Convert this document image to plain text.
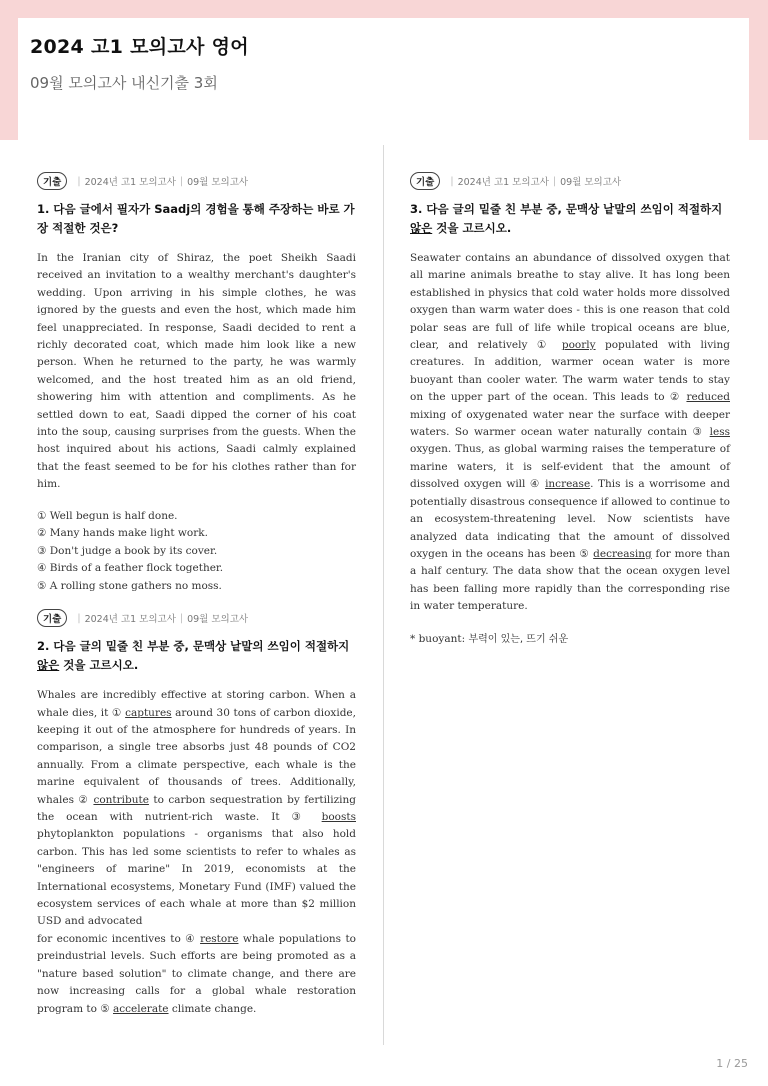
2024 고1 모의고사 영어
09월 모의고사 내신기출 3회
기출	| 2024년 고1 모의고사 | 09월 모의고사
1. 다음 글에서 필자가 Saadj의 경험을 통해 주장하는 바로 가장 적절한 것은?
In the Iranian city of Shiraz, the poet Sheikh Saadi received an invitation to a wealthy merchant's daughter's wedding. Upon arriving in his simple clothes, he was ignored by the guests and even the host, which made him feel unappreciated. In response, Saadi decided to rent a richly decorated coat, which made him look like a new person. When he returned to the party, he was warmly welcomed, and the host treated him as an old friend, showering him with attention and compliments. As he settled down to eat, Saadi dipped the corner of his coat into the soup, causing surprises from the guests. When the host inquired about his actions, Saadi calmly explained that the feast seemed to be for his clothes rather than for him.
① Well begun is half done.
② Many hands make light work.
③ Don't judge a book by its cover.
④ Birds of a feather flock together.
⑤ A rolling stone gathers no moss.
기출	| 2024년 고1 모의고사 | 09월 모의고사
2. 다음 글의 밑줄 친 부분 중, 문맥상 낱말의 쓰임이 적절하지 않은 것을 고르시오.
Whales are incredibly effective at storing carbon. When a whale dies, it ① captures around 30 tons of carbon dioxide, keeping it out of the atmosphere for hundreds of years. In comparison, a single tree absorbs just 48 pounds of CO2 annually. From a climate perspective, each whale is the marine equivalent of thousands of trees. Additionally, whales ② contribute to carbon sequestration by fertilizing the ocean with nutrient-rich waste. It ③ boosts phytoplankton populations - organisms that also hold carbon. This has led some scientists to refer to whales as "engineers of marine" In 2019, economists at the International ecosystems, Monetary Fund (IMF) valued the ecosystem services of each whale at more than $2 million USD and advocated
for economic incentives to ④ restore whale populations to preindustrial levels. Such efforts are being promoted as a "nature based solution" to climate change, and there are now increasing calls for a global whale restoration program to ⑤ accelerate climate change.
기출	| 2024년 고1 모의고사 | 09월 모의고사
3. 다음 글의 밑줄 친 부분 중, 문맥상 낱말의 쓰임이 적절하지 않은 것을 고르시오.
Seawater contains an abundance of dissolved oxygen that all marine animals breathe to stay alive. It has long been established in physics that cold water holds more dissolved oxygen than warm water does - this is one reason that cold polar seas are full of life while tropical oceans are blue, clear, and relatively ① poorly populated with living creatures. In addition, warmer ocean water is more buoyant than cooler water. The warm water tends to stay on the upper part of the ocean. This leads to ② reduced mixing of oxygenated water near the surface with deeper waters. So warmer ocean water naturally contain ③ less oxygen. Thus, as global warming raises the temperature of marine waters, it is self-evident that the amount of dissolved oxygen will ④ increase. This is a worrisome and potentially disastrous consequence if allowed to continue to an ecosystem-threatening level. Now scientists have analyzed data indicating that the amount of dissolved oxygen in the oceans has been ⑤ decreasing for more than a half century. The data show that the ocean oxygen level has been falling more rapidly than the corresponding rise in water temperature.
* buoyant: 부력이 있는, 뜨기 쉬운
1 / 25
